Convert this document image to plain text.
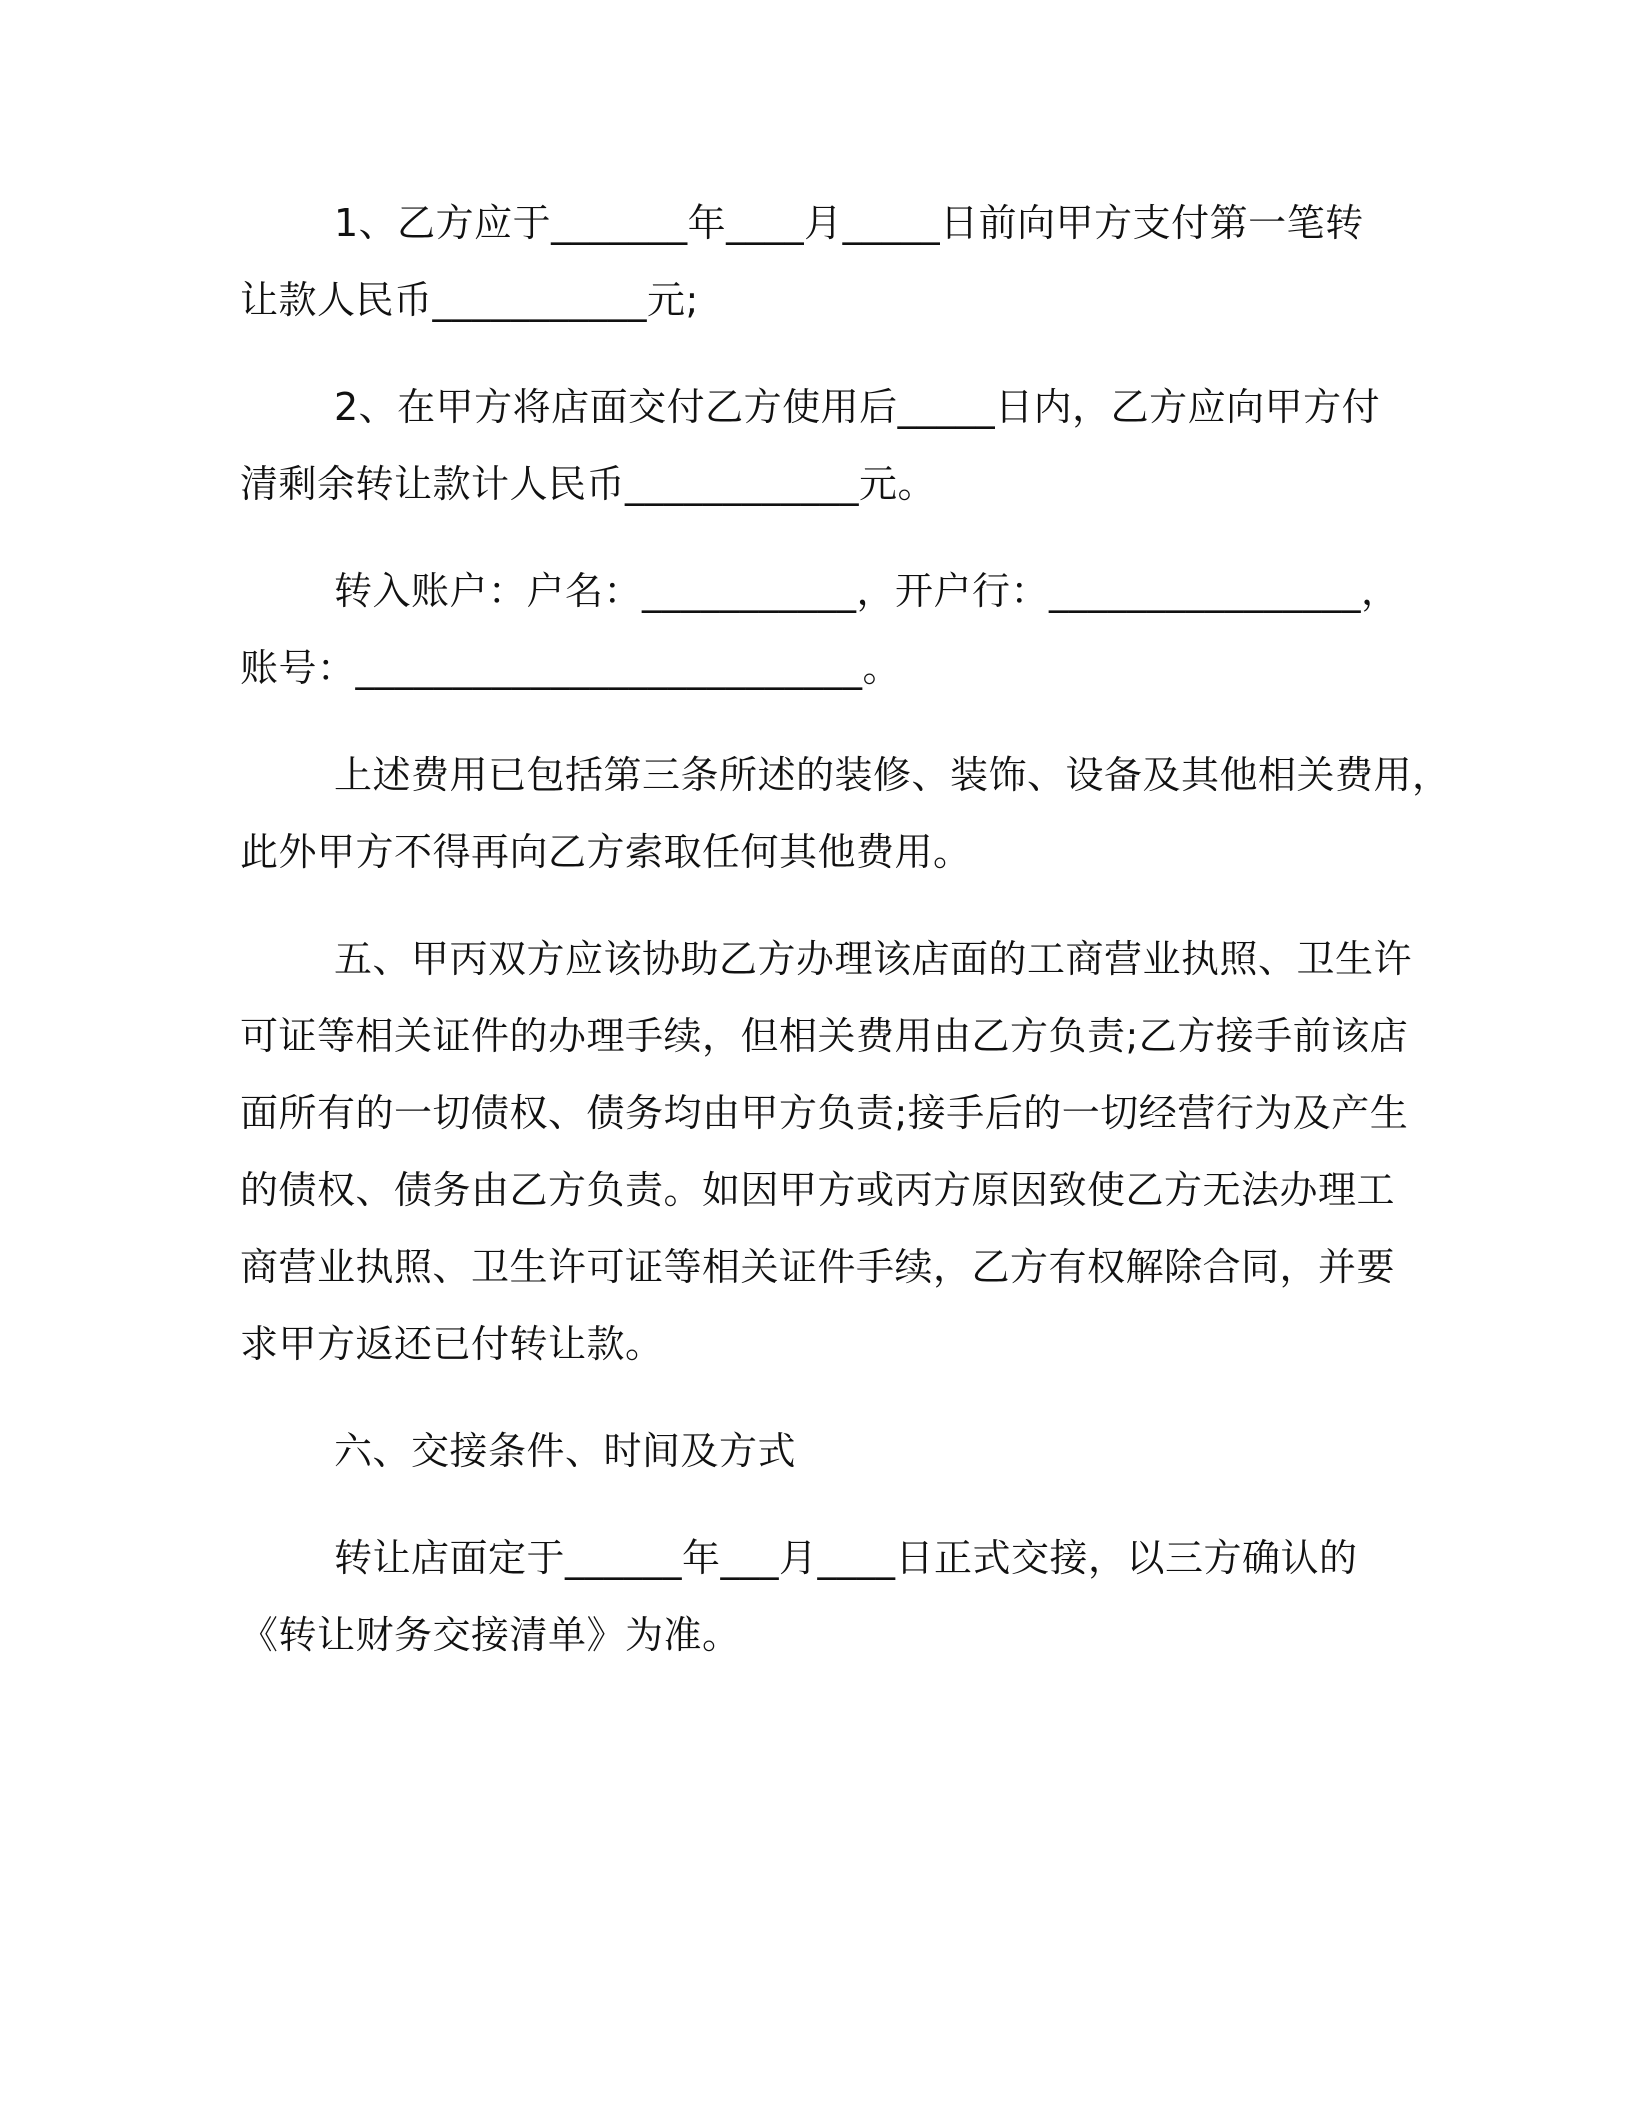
1、乙方应于_______年____月_____日前向甲方支付第一笔转
让款人民币___________元;
2、在甲方将店面交付乙方使用后_____日内，乙方应向甲方付
清剩余转让款计人民币____________元。
转入账户：户名：___________，开户行：________________，
账号：__________________________。
上述费用已包括第三条所述的装修、装饰、设备及其他相关费用，
此外甲方不得再向乙方索取任何其他费用。
五、甲丙双方应该协助乙方办理该店面的工商营业执照、卫生许
可证等相关证件的办理手续，但相关费用由乙方负责;乙方接手前该店
面所有的一切债权、债务均由甲方负责;接手后的一切经营行为及产生
的债权、债务由乙方负责。如因甲方或丙方原因致使乙方无法办理工
商营业执照、卫生许可证等相关证件手续，乙方有权解除合同，并要
求甲方返还已付转让款。
六、交接条件、时间及方式
转让店面定于______年___月____日正式交接，以三方确认的
《转让财务交接清单》为准。
